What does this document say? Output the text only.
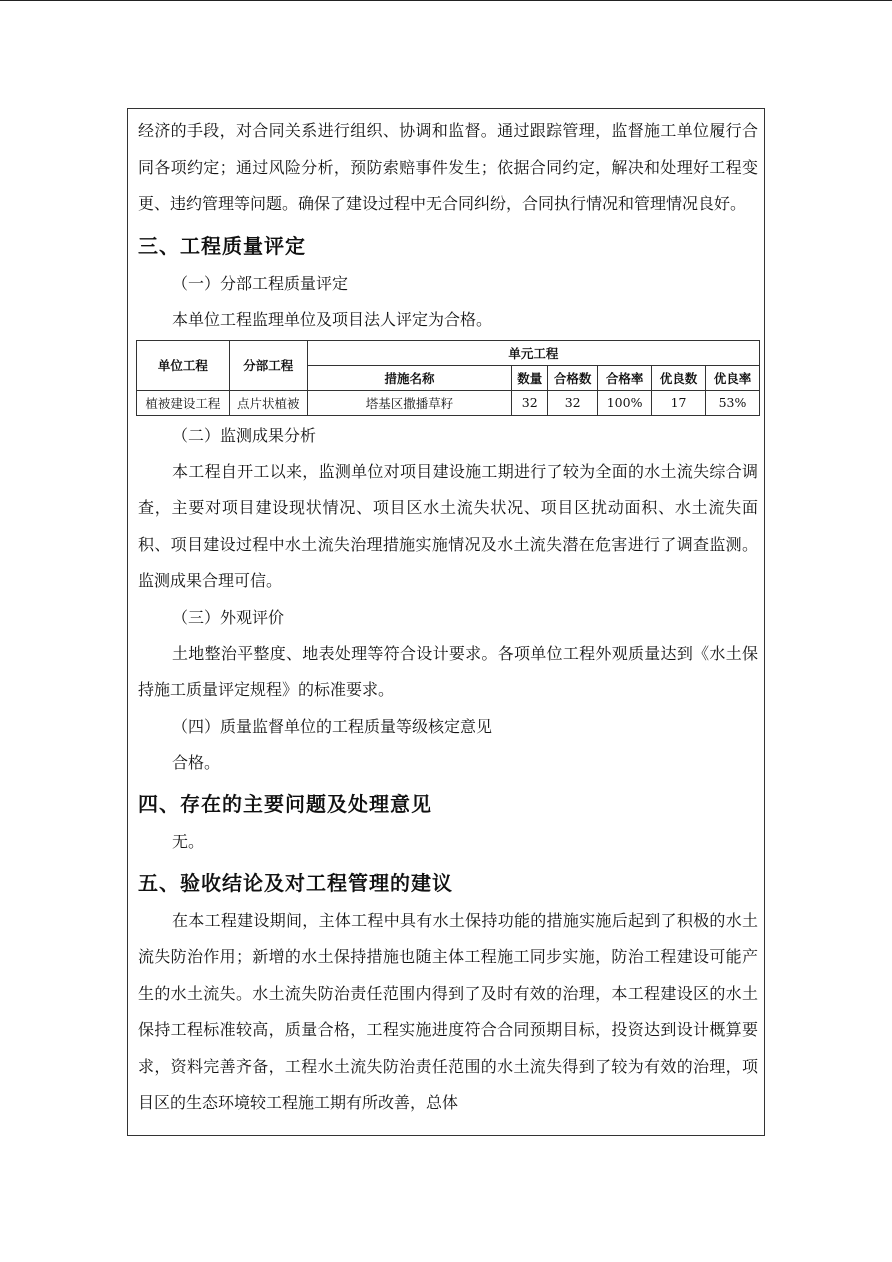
经济的手段，对合同关系进行组织、协调和监督。通过跟踪管理，监督施工单位履行合同各项约定；通过风险分析，预防索赔事件发生；依据合同约定，解决和处理好工程变更、违约管理等问题。确保了建设过程中无合同纠纷，合同执行情况和管理情况良好。

三、工程质量评定

（一）分部工程质量评定

本单位工程监理单位及项目法人评定为合格。

单位工程	分部工程	单元工程					
		措施名称	数量	合格数	合格率	优良数	优良率
植被建设工程	点片状植被	塔基区撒播草籽	32	32	100%	17	53%

（二）监测成果分析

本工程自开工以来，监测单位对项目建设施工期进行了较为全面的水土流失综合调查，主要对项目建设现状情况、项目区水土流失状况、项目区扰动面积、水土流失面积、项目建设过程中水土流失治理措施实施情况及水土流失潜在危害进行了调查监测。监测成果合理可信。

（三）外观评价

土地整治平整度、地表处理等符合设计要求。各项单位工程外观质量达到《水土保持施工质量评定规程》的标准要求。

（四）质量监督单位的工程质量等级核定意见

合格。

四、存在的主要问题及处理意见

无。

五、验收结论及对工程管理的建议

在本工程建设期间，主体工程中具有水土保持功能的措施实施后起到了积极的水土流失防治作用；新增的水土保持措施也随主体工程施工同步实施，防治工程建设可能产生的水土流失。水土流失防治责任范围内得到了及时有效的治理，本工程建设区的水土保持工程标准较高，质量合格，工程实施进度符合合同预期目标，投资达到设计概算要求，资料完善齐备，工程水土流失防治责任范围的水土流失得到了较为有效的治理，项目区的生态环境较工程施工期有所改善，总体
